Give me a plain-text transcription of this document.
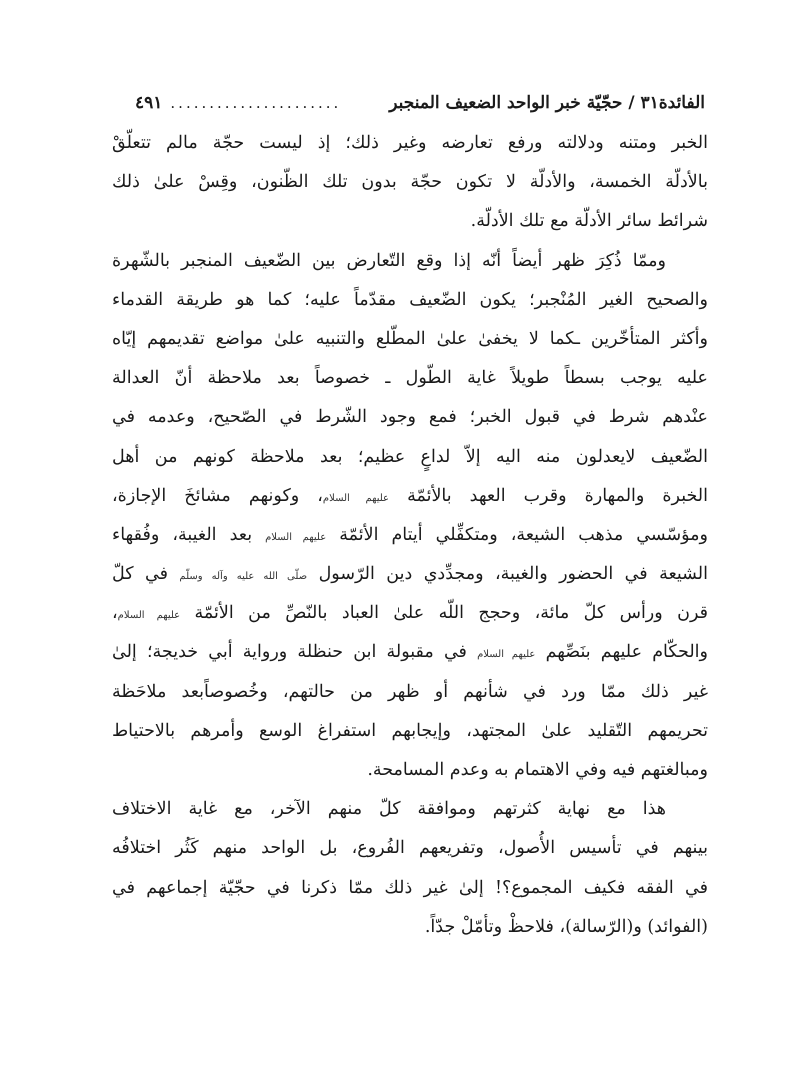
الفائدة٣١ / حجّيّة خبر الواحد الضعيف المنجبر
......................
٤٩١
الخبر ومتنه ودلالته ورفع تعارضه وغير ذلك؛ إذ ليست حجّة مالم تتعلّقْ
بالأدلّة الخمسة، والأدلّة لا تكون حجّة بدون تلك الظّنون، وقِسْ علىٰ ذلك
شرائط سائر الأدلّة مع تلك الأدلّة.
وممّا ذُكِرَ ظهر أيضاً أنّه إذا وقع التّعارض بين الضّعيف المنجبر بالشّهرة
والصحيح الغير المُنْجبر؛ يكون الضّعيف مقدّماً عليه؛ كما هو طريقة القدماء
وأكثر المتأخّرين ـكما لا يخفىٰ علىٰ المطّلع والتنبيه علىٰ مواضع تقديمهم إيّاه
عليه يوجب بسطاً طويلاً غاية الطّول ـ خصوصاً بعد ملاحظة أنّ العدالة
عنْدهم شرط في قبول الخبر؛ فمع وجود الشّرط في الصّحيح، وعدمه في
الضّعيف لايعدلون منه اليه إلاّ لداعٍ عظيم؛ بعد ملاحظة كونهم من أهل
الخبرة والمهارة وقرب العهد بالأئمّة عليهم السلام، وكونهم مشائخَ الإجازة،
ومؤسّسي مذهب الشيعة، ومتكفِّلي أيتام الأئمّة عليهم السلام بعد الغيبة، وفُقهاء
الشيعة في الحضور والغيبة، ومجدِّدي دين الرّسول صلّى الله عليه وآله وسلّم في كلّ
قرن ورأس كلّ مائة، وحجج اللّه علىٰ العباد بالنّصِّ من الأئمّة عليهم السلام،
والحكّام عليهم بنَصِّهم عليهم السلام في مقبولة ابن حنظلة ورواية أبي خديجة؛ إلىٰ
غير ذلك ممّا ورد في شأنهم أو ظهر من حالتهم، وخُصوصاًبعد ملاحَظة
تحريمهم التّقليد علىٰ المجتهد، وإيجابهم استفراغ الوسع وأمرهم بالاحتياط
ومبالغتهم فيه وفي الاهتمام به وعدم المسامحة.
هذا مع نهاية كثرتهم وموافقة كلّ منهم الآخر، مع غاية الاختلاف
بينهم في تأسيس الأُصول، وتفريعهم الفُروع، بل الواحد منهم كَثُر اختلافُه
في الفقه فكيف المجموع؟! إلىٰ غير ذلك ممّا ذكرنا في حجّيّة إجماعهم في
(الفوائد) و(الرّسالة)، فلاحظْ وتأمّلْ جدّاً.
